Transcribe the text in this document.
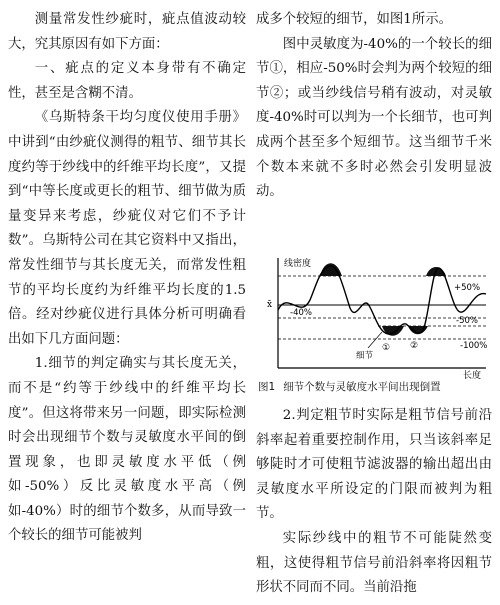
测量常发性纱疵时，疵点值波动较大，究其原因有如下方面：

一、疵点的定义本身带有不确定性，甚至是含糊不清。

《乌斯特条干均匀度仪使用手册》中讲到“由纱疵仪测得的粗节、细节其长度约等于纱线中的纤维平均长度”，又提到“中等长度或更长的粗节、细节做为质量变异来考虑，纱疵仪对它们不予计数”。乌斯特公司在其它资料中又指出，常发性细节与其长度无关，而常发性粗节的平均长度约为纤维平均长度的1.5倍。经对纱疵仪进行具体分析可明确看出如下几方面问题：

1.细节的判定确实与其长度无关，而不是“约等于纱线中的纤维平均长度”。但这将带来另一问题，即实际检测时会出现细节个数与灵敏度水平间的倒置现象，也即灵敏度水平低（例如-50%）反比灵敏度水平高（例如-40%）时的细节个数多，从而导致一个较长的细节可能被判

成多个较短的细节，如图1所示。

图中灵敏度为-40%的一个较长的细节①，相应-50%时会判为两个较短的细节②；或当纱线信号稍有波动，对灵敏度-40%时可以判为一个长细节，也可判成两个甚至多个短细节。这当细节千米个数本来就不多时必然会引发明显波动。

线密度
长度
x̄
+50%
-40%
-50%
-100%
细节
① ②
图1 细节个数与灵敏度水平间出现倒置

2.判定粗节时实际是粗节信号前沿斜率起着重要控制作用，只当该斜率足够陡时才可使粗节滤波器的输出超出由灵敏度水平所设定的门限而被判为粗节。

实际纱线中的粗节不可能陡然变粗，这使得粗节信号前沿斜率将因粗节形状不同而不同。当前沿拖
